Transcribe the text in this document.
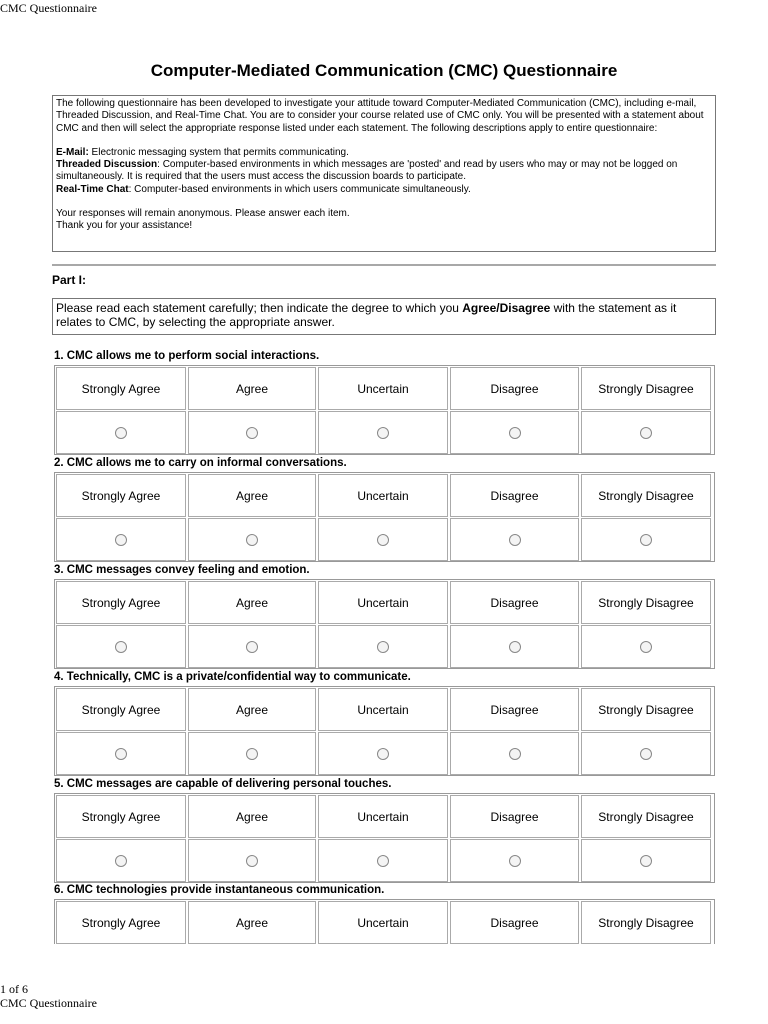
CMC Questionnaire
Computer-Mediated Communication (CMC) Questionnaire

The following questionnaire has been developed to investigate your attitude toward Computer-Mediated Communication (CMC), including e-mail, Threaded Discussion, and Real-Time Chat. You are to consider your course related use of CMC only. You will be presented with a statement about CMC and then will select the appropriate response listed under each statement. The following descriptions apply to entire questionnaire:

E-Mail: Electronic messaging system that permits communicating.

Threaded Discussion: Computer-based environments in which messages are 'posted' and read by users who may or may not be logged on simultaneously. It is required that the users must access the discussion boards to participate.

Real-Time Chat: Computer-based environments in which users communicate simultaneously.

Your responses will remain anonymous. Please answer each item.

Thank you for your assistance!

Part I:
Please read each statement carefully; then indicate the degree to which you Agree/Disagree with the statement as it relates to CMC, by selecting the appropriate answer.
1. CMC allows me to perform social interactions.
Strongly Agree	Agree	Uncertain	Disagree	Strongly Disagree
2. CMC allows me to carry on informal conversations.
Strongly Agree	Agree	Uncertain	Disagree	Strongly Disagree
3. CMC messages convey feeling and emotion.
Strongly Agree	Agree	Uncertain	Disagree	Strongly Disagree
4. Technically, CMC is a private/confidential way to communicate.
Strongly Agree	Agree	Uncertain	Disagree	Strongly Disagree
5. CMC messages are capable of delivering personal touches.
Strongly Agree	Agree	Uncertain	Disagree	Strongly Disagree
6. CMC technologies provide instantaneous communication.
Strongly Agree	Agree	Uncertain	Disagree	Strongly Disagree
1 of 6
CMC Questionnaire
